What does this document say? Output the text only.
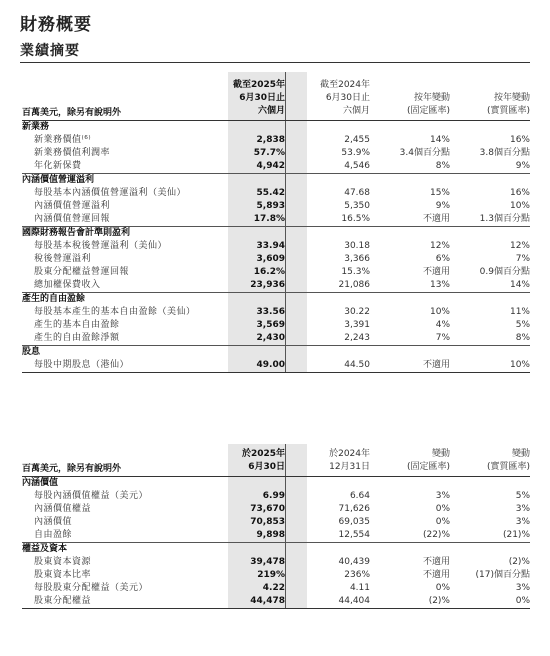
財務概要
業績摘要
百萬美元，除另有說明外
截至2025年
6月30日止
六個月
截至2024年
6月30日止
六個月
按年變動
(固定匯率)
按年變動
(實質匯率)
新業務
新業務價值⁽⁶⁾	2,838	2,455	14%	16%
新業務價值利潤率	57.7%	53.9%	3.4個百分點	3.8個百分點
年化新保費	4,942	4,546	8%	9%
內涵價值營運溢利
每股基本內涵價值營運溢利（美仙）	55.42	47.68	15%	16%
內涵價值營運溢利	5,893	5,350	9%	10%
內涵價值營運回報	17.8%	16.5%	不適用	1.3個百分點
國際財務報告會計準則盈利
每股基本稅後營運溢利（美仙）	33.94	30.18	12%	12%
稅後營運溢利	3,609	3,366	6%	7%
股東分配權益營運回報	16.2%	15.3%	不適用	0.9個百分點
總加權保費收入	23,936	21,086	13%	14%
產生的自由盈餘
每股基本產生的基本自由盈餘（美仙）	33.56	30.22	10%	11%
產生的基本自由盈餘	3,569	3,391	4%	5%
產生的自由盈餘淨額	2,430	2,243	7%	8%
股息
每股中期股息（港仙）	49.00	44.50	不適用	10%
百萬美元，除另有說明外
於2025年
6月30日
於2024年
12月31日
變動
(固定匯率)
變動
(實質匯率)
內涵價值
每股內涵價值權益（美元）	6.99	6.64	3%	5%
內涵價值權益	73,670	71,626	0%	3%
內涵價值	70,853	69,035	0%	3%
自由盈餘	9,898	12,554	(22)%	(21)%
權益及資本
股東資本資源	39,478	40,439	不適用	(2)%
股東資本比率	219%	236%	不適用	(17)個百分點
每股股東分配權益（美元）	4.22	4.11	0%	3%
股東分配權益	44,478	44,404	(2)%	0%
